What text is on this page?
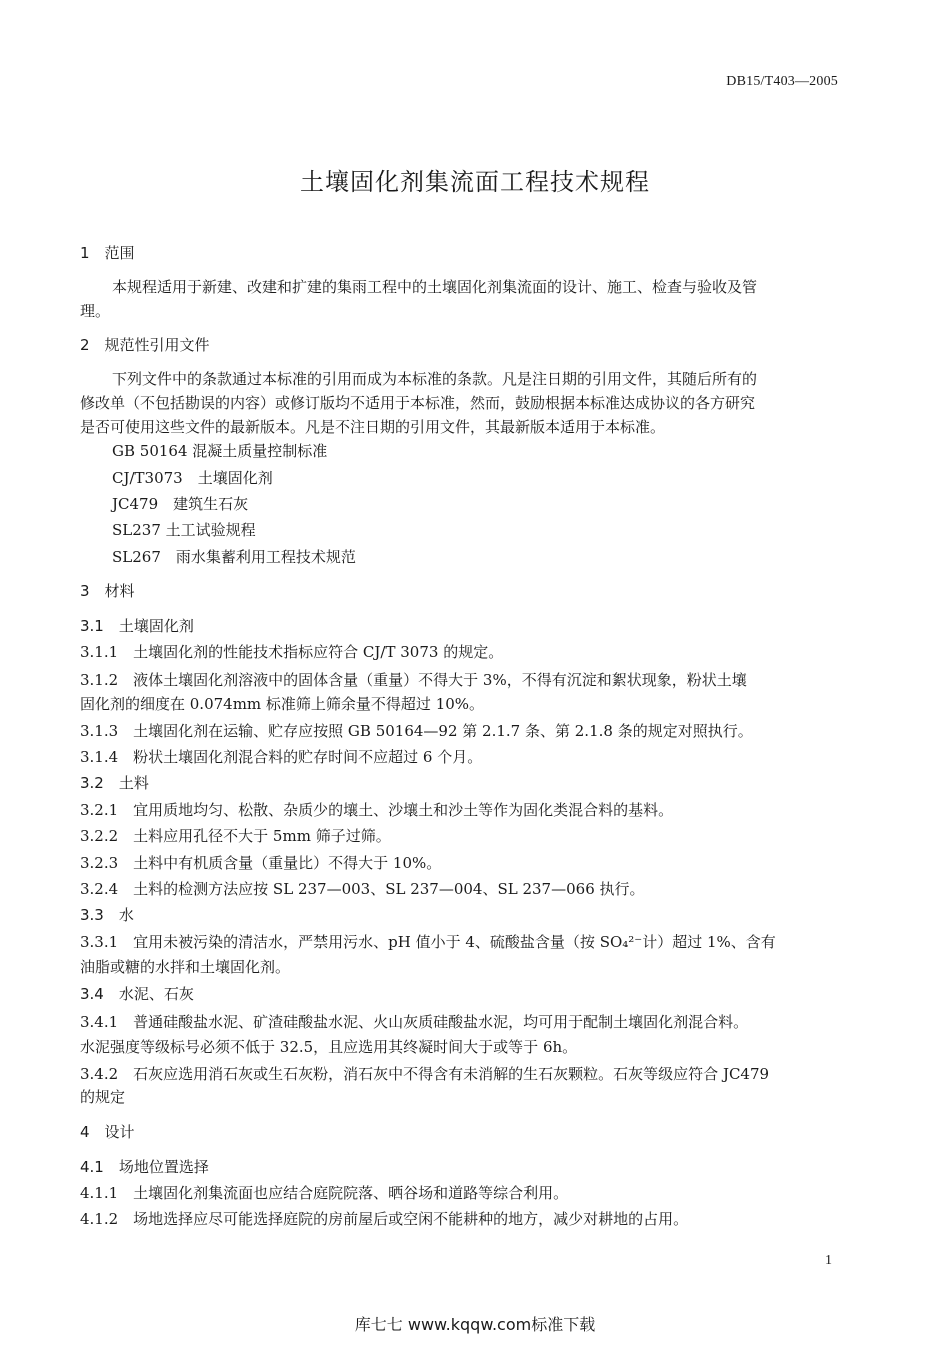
DB15/T403—2005
土壤固化剂集流面工程技术规程
1　范围
本规程适用于新建、改建和扩建的集雨工程中的土壤固化剂集流面的设计、施工、检查与验收及管
理。
2　规范性引用文件
下列文件中的条款通过本标准的引用而成为本标准的条款。凡是注日期的引用文件，其随后所有的
修改单（不包括勘误的内容）或修订版均不适用于本标准，然而，鼓励根据本标准达成协议的各方研究
是否可使用这些文件的最新版本。凡是不注日期的引用文件，其最新版本适用于本标准。
GB 50164 混凝土质量控制标准
CJ/T3073　土壤固化剂
JC479　建筑生石灰
SL237 土工试验规程
SL267　雨水集蓄利用工程技术规范
3　材料
3.1　土壤固化剂
3.1.1　土壤固化剂的性能技术指标应符合 CJ/T 3073 的规定。
3.1.2　液体土壤固化剂溶液中的固体含量（重量）不得大于 3%，不得有沉淀和絮状现象，粉状土壤
固化剂的细度在 0.074mm 标准筛上筛余量不得超过 10%。
3.1.3　土壤固化剂在运输、贮存应按照 GB 50164—92 第 2.1.7 条、第 2.1.8 条的规定对照执行。
3.1.4　粉状土壤固化剂混合料的贮存时间不应超过 6 个月。
3.2　土料
3.2.1　宜用质地均匀、松散、杂质少的壤土、沙壤土和沙土等作为固化类混合料的基料。
3.2.2　土料应用孔径不大于 5mm 筛子过筛。
3.2.3　土料中有机质含量（重量比）不得大于 10%。
3.2.4　土料的检测方法应按 SL 237—003、SL 237—004、SL 237—066 执行。
3.3　水
3.3.1　宜用未被污染的清洁水，严禁用污水、pH 值小于 4、硫酸盐含量（按 SO₄²⁻计）超过 1%、含有
油脂或糖的水拌和土壤固化剂。
3.4　水泥、石灰
3.4.1　普通硅酸盐水泥、矿渣硅酸盐水泥、火山灰质硅酸盐水泥，均可用于配制土壤固化剂混合料。
水泥强度等级标号必须不低于 32.5，且应选用其终凝时间大于或等于 6h。
3.4.2　石灰应选用消石灰或生石灰粉，消石灰中不得含有未消解的生石灰颗粒。石灰等级应符合 JC479
的规定
4　设计
4.1　场地位置选择
4.1.1　土壤固化剂集流面也应结合庭院院落、晒谷场和道路等综合利用。
4.1.2　场地选择应尽可能选择庭院的房前屋后或空闲不能耕种的地方，减少对耕地的占用。
1
库七七 www.kqqw.com标准下载
